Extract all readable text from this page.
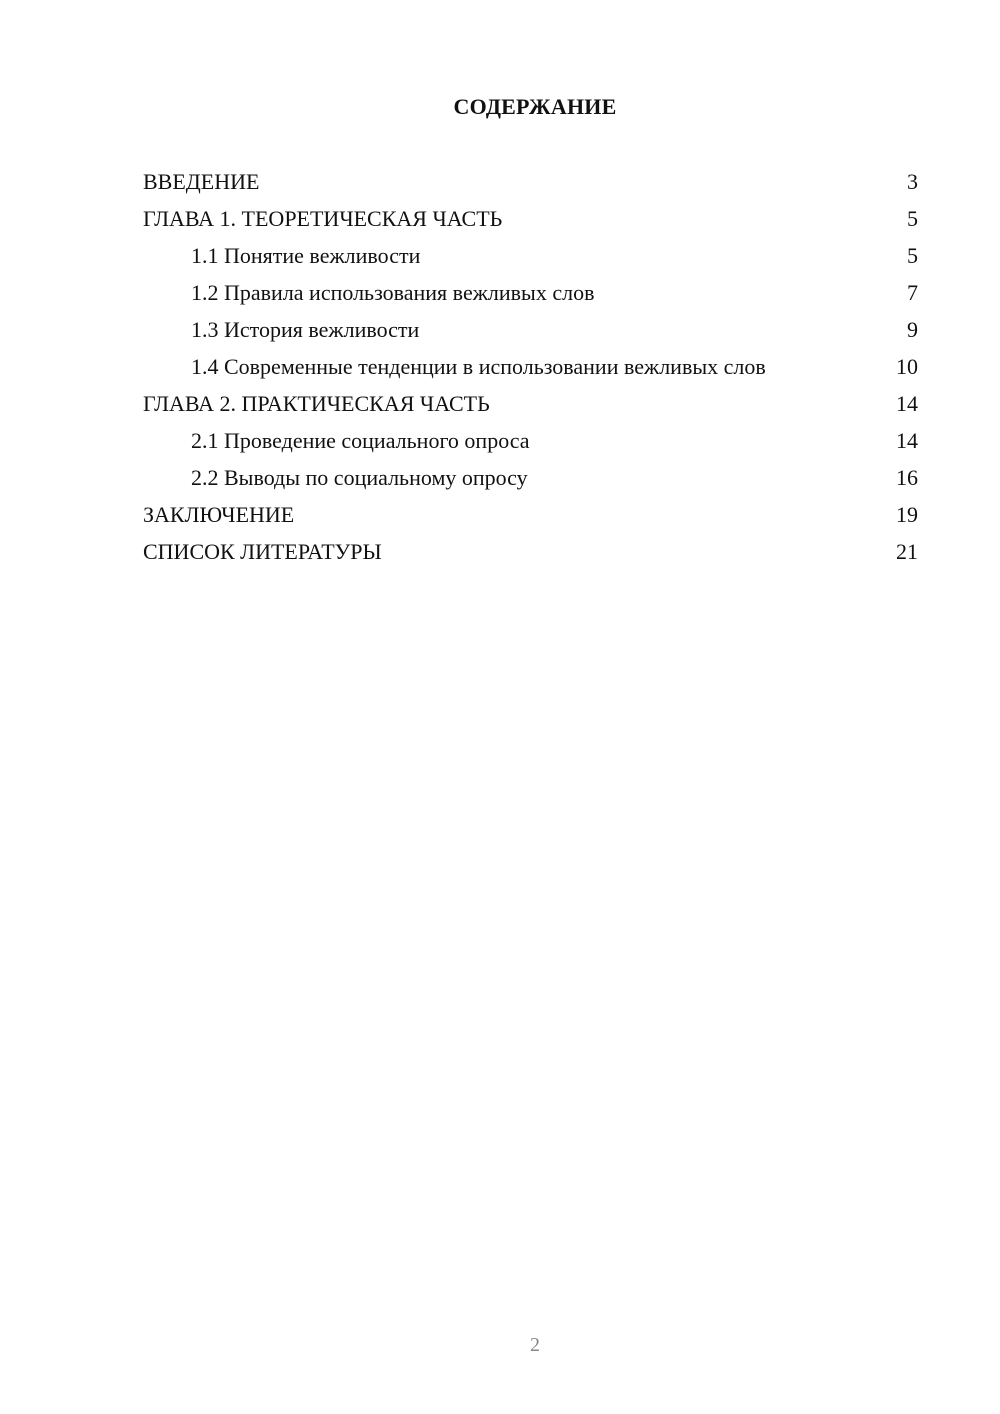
СОДЕРЖАНИЕ
ВВЕДЕНИЕ	3
ГЛАВА 1. ТЕОРЕТИЧЕСКАЯ ЧАСТЬ	5
1.1 Понятие вежливости	5
1.2 Правила использования вежливых слов	7
1.3 История вежливости	9
1.4 Современные тенденции в использовании вежливых слов	10
ГЛАВА 2. ПРАКТИЧЕСКАЯ ЧАСТЬ	14
2.1 Проведение социального опроса	14
2.2 Выводы по социальному опросу	16
ЗАКЛЮЧЕНИЕ	19
СПИСОК ЛИТЕРАТУРЫ	21
2
